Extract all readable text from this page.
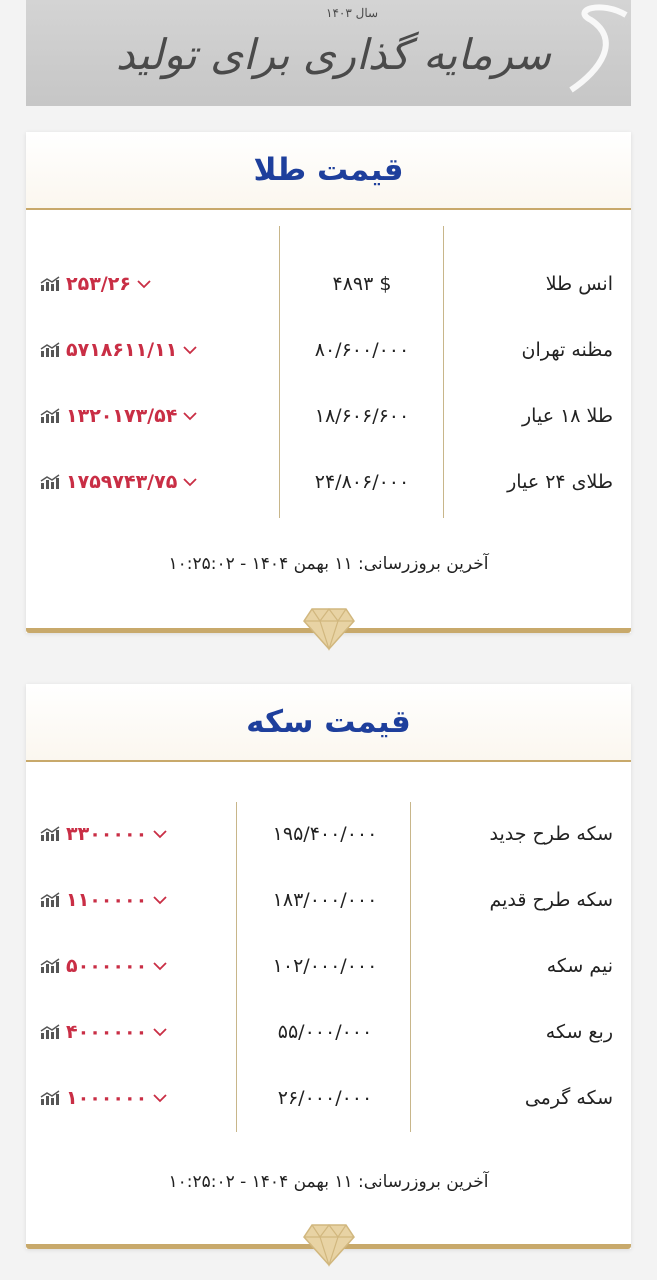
سال ۱۴۰۳
سرمایه گذاری برای تولید
قیمت طلا
۲۵۳/۲۶	۴۸۹۳ $	انس طلا
۵۷۱۸۶۱۱/۱۱	۸۰/۶۰۰/۰۰۰	مظنه تهران
۱۳۲۰۱۷۳/۵۴	۱۸/۶۰۶/۶۰۰	طلا ۱۸ عیار
۱۷۵۹۷۴۳/۷۵	۲۴/۸۰۶/۰۰۰	طلای ۲۴ عیار
آخرین بروزرسانی: ۱۱ بهمن ۱۴۰۴ - ۱۰:۲۵:۰۲
قیمت سکه
۳۳۰۰۰۰۰	۱۹۵/۴۰۰/۰۰۰	سکه طرح جدید
۱۱۰۰۰۰۰	۱۸۳/۰۰۰/۰۰۰	سکه طرح قدیم
۵۰۰۰۰۰۰	۱۰۲/۰۰۰/۰۰۰	نیم سکه
۴۰۰۰۰۰۰	۵۵/۰۰۰/۰۰۰	ربع سکه
۱۰۰۰۰۰۰	۲۶/۰۰۰/۰۰۰	سکه گرمی
آخرین بروزرسانی: ۱۱ بهمن ۱۴۰۴ - ۱۰:۲۵:۰۲
